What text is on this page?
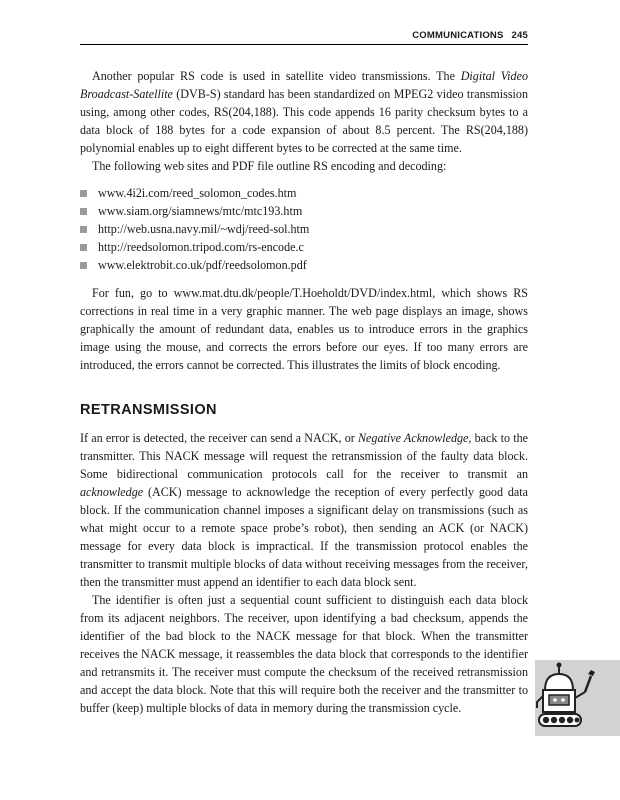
COMMUNICATIONS 245

Another popular RS code is used in satellite video transmissions. The Digital Video Broadcast-Satellite (DVB-S) standard has been standardized on MPEG2 video transmission using, among other codes, RS(204,188). This code appends 16 parity checksum bytes to a data block of 188 bytes for a code expansion of about 8.5 percent. The RS(204,188) polynomial enables up to eight different bytes to be corrected at the same time.

The following web sites and PDF file outline RS encoding and decoding:

www.4i2i.com/reed_solomon_codes.htm
www.siam.org/siamnews/mtc/mtc193.htm
http://web.usna.navy.mil/~wdj/reed-sol.htm
http://reedsolomon.tripod.com/rs-encode.c
www.elektrobit.co.uk/pdf/reedsolomon.pdf

For fun, go to www.mat.dtu.dk/people/T.Hoeholdt/DVD/index.html, which shows RS corrections in real time in a very graphic manner. The web page displays an image, shows graphically the amount of redundant data, enables us to introduce errors in the graphics image using the mouse, and corrects the errors before our eyes. If too many errors are introduced, the errors cannot be corrected. This illustrates the limits of block encoding.

RETRANSMISSION

If an error is detected, the receiver can send a NACK, or Negative Acknowledge, back to the transmitter. This NACK message will request the retransmission of the faulty data block. Some bidirectional communication protocols call for the receiver to transmit an acknowledge (ACK) message to acknowledge the reception of every perfectly good data block. If the communication channel imposes a significant delay on transmissions (such as what might occur to a remote space probe’s robot), then sending an ACK (or NACK) message for every data block is impractical. If the transmission protocol enables the transmitter to transmit multiple blocks of data without receiving messages from the receiver, then the transmitter must append an identifier to each data block sent.

The identifier is often just a sequential count sufficient to distinguish each data block from its adjacent neighbors. The receiver, upon identifying a bad checksum, appends the identifier of the bad block to the NACK message for that block. When the transmitter receives the NACK message, it reassembles the data block that corresponds to the identifier and retransmits it. The receiver must compute the checksum of the received retransmission and accept the data block. Note that this will require both the receiver and the transmitter to buffer (keep) multiple blocks of data in memory during the transmission cycle.
